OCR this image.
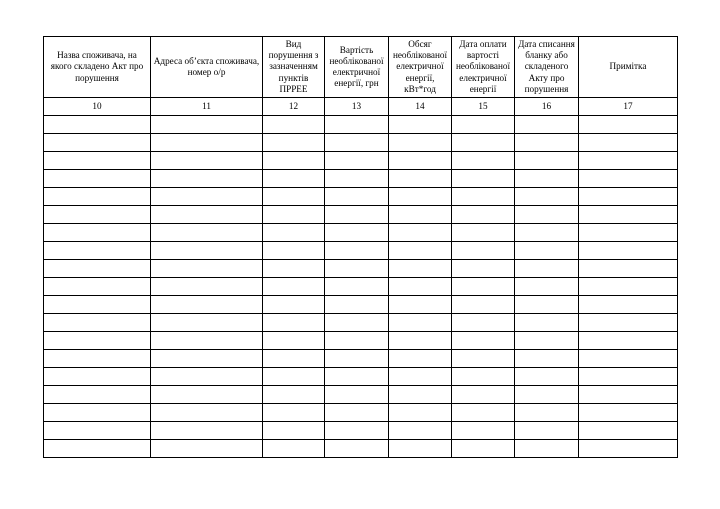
Назва споживача, на якого складено Акт про порушення	Адреса об’єкта споживача, номер о/р	Вид порушення з зазначенням пунктів ПРРЕЕ	Вартість необлікованої електричної енергії, грн	Обсяг необлікованої електричної енергії, кВт*год	Дата оплати вартості необлікованої електричної енергії	Дата списання бланку або складеного Акту про порушення	Примітка
10	11	12	13	14	15	16	17
